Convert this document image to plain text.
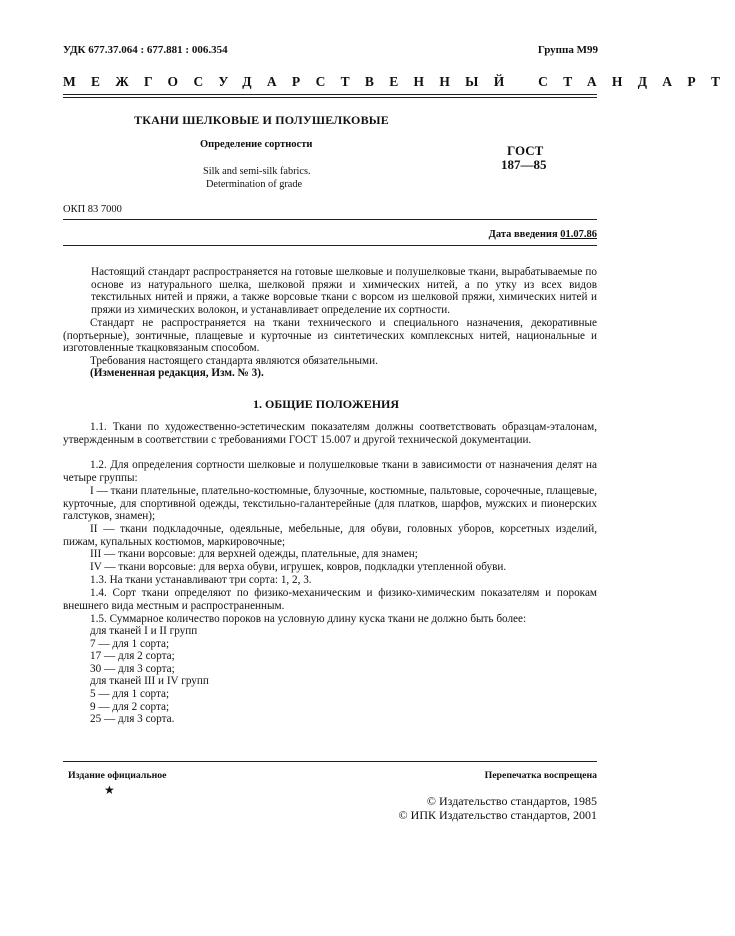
УДК 677.37.064 : 677.881 : 006.354	Группа М99
МЕЖГОСУДАРСТВЕННЫЙ СТАНДАРТ
ТКАНИ ШЕЛКОВЫЕ И ПОЛУШЕЛКОВЫЕ
Определение сортности
Silk and semi-silk fabrics.
Determination of grade
ГОСТ
187—85
ОКП 83 7000
Дата введения 01.07.86
Настоящий стандарт распространяется на готовые шелковые и полушелковые ткани, вырабатываемые по основе из натурального шелка, шелковой пряжи и химических нитей, а по утку из всех видов текстильных нитей и пряжи, а также ворсовые ткани с ворсом из шелковой пряжи, химических нитей и пряжи из химических волокон, и устанавливает определение их сортности.
Стандарт не распространяется на ткани технического и специального назначения, декоративные (портьерные), зонтичные, плащевые и курточные из синтетических комплексных нитей, национальные и изготовленные ткацковязаным способом.
Требования настоящего стандарта являются обязательными.
(Измененная редакция, Изм. № 3).
1. ОБЩИЕ ПОЛОЖЕНИЯ
1.1. Ткани по художественно-эстетическим показателям должны соответствовать образцам-эталонам, утвержденным в соответствии с требованиями ГОСТ 15.007 и другой технической документации.
1.2. Для определения сортности шелковые и полушелковые ткани в зависимости от назначения делят на четыре группы:
I — ткани плательные, плательно-костюмные, блузочные, костюмные, пальтовые, сорочечные, плащевые, курточные, для спортивной одежды, текстильно-галантерейные (для платков, шарфов, мужских и пионерских галстуков, знамен);
II — ткани подкладочные, одеяльные, мебельные, для обуви, головных уборов, корсетных изделий, пижам, купальных костюмов, маркировочные;
III — ткани ворсовые: для верхней одежды, плательные, для знамен;
IV — ткани ворсовые: для верха обуви, игрушек, ковров, подкладки утепленной обуви.
1.3. На ткани устанавливают три сорта: 1, 2, 3.
1.4. Сорт ткани определяют по физико-механическим и физико-химическим показателям и порокам внешнего вида местным и распространенным.
1.5. Суммарное количество пороков на условную длину куска ткани не должно быть более:
для тканей I и II групп
7 — для 1 сорта;
17 — для 2 сорта;
30 — для 3 сорта;
для тканей III и IV групп
5 — для 1 сорта;
9 — для 2 сорта;
25 — для 3 сорта.
Издание официальное
★
Перепечатка воспрещена
© Издательство стандартов, 1985
© ИПК Издательство стандартов, 2001
